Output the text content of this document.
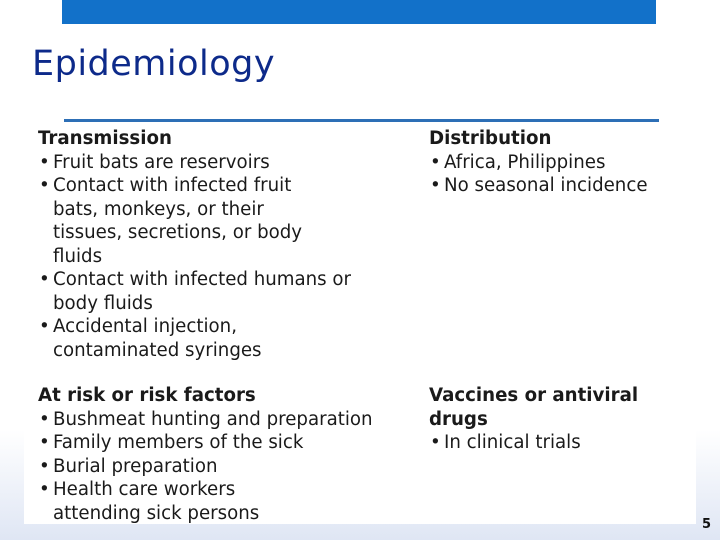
Epidemiology
Transmission
• Fruit bats are reservoirs
• Contact with infected fruit bats, monkeys, or their tissues, secretions, or body fluids
• Contact with infected humans or body fluids
• Accidental injection, contaminated syringes
Distribution
• Africa, Philippines
• No seasonal incidence
At risk or risk factors
• Bushmeat hunting and preparation
• Family members of the sick
• Burial preparation
• Health care workers attending sick persons
Vaccines or antiviral drugs
• In clinical trials
5
